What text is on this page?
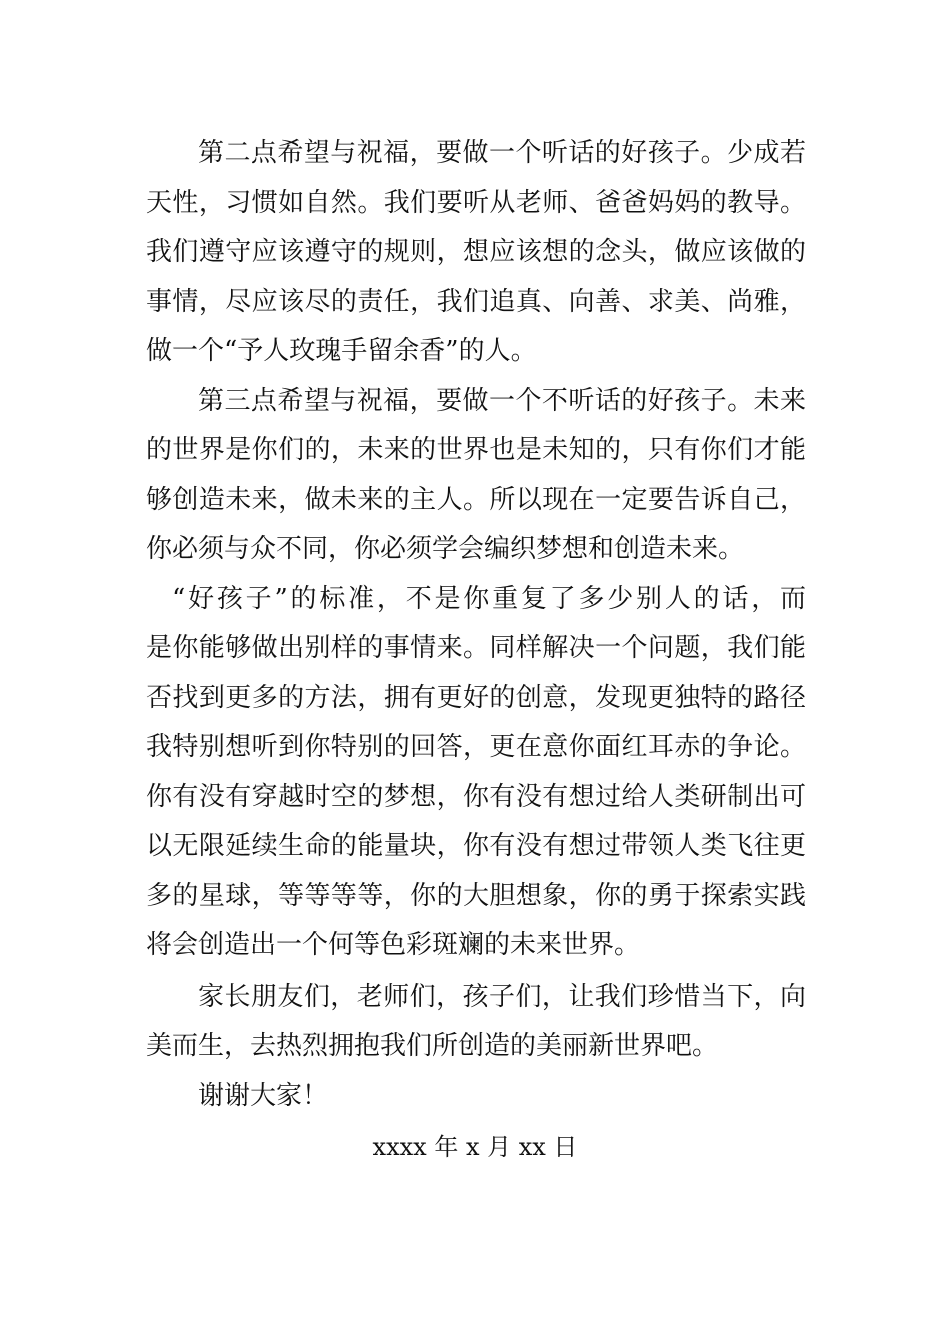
第二点希望与祝福，要做一个听话的好孩子。少成若
天性，习惯如自然。我们要听从老师、爸爸妈妈的教导。
我们遵守应该遵守的规则，想应该想的念头，做应该做的
事情，尽应该尽的责任，我们追真、向善、求美、尚雅，
做一个“予人玫瑰手留余香”的人。
第三点希望与祝福，要做一个不听话的好孩子。未来
的世界是你们的，未来的世界也是未知的，只有你们才能
够创造未来，做未来的主人。所以现在一定要告诉自己，
你必须与众不同，你必须学会编织梦想和创造未来。
“好孩子”的标准，不是你重复了多少别人的话，而
是你能够做出别样的事情来。同样解决一个问题，我们能
否找到更多的方法，拥有更好的创意，发现更独特的路径
我特别想听到你特别的回答，更在意你面红耳赤的争论。
你有没有穿越时空的梦想，你有没有想过给人类研制出可
以无限延续生命的能量块，你有没有想过带领人类飞往更
多的星球，等等等等，你的大胆想象，你的勇于探索实践
将会创造出一个何等色彩斑斓的未来世界。
家长朋友们，老师们，孩子们，让我们珍惜当下，向
美而生，去热烈拥抱我们所创造的美丽新世界吧。
谢谢大家！
xxxx 年 x 月 xx 日
